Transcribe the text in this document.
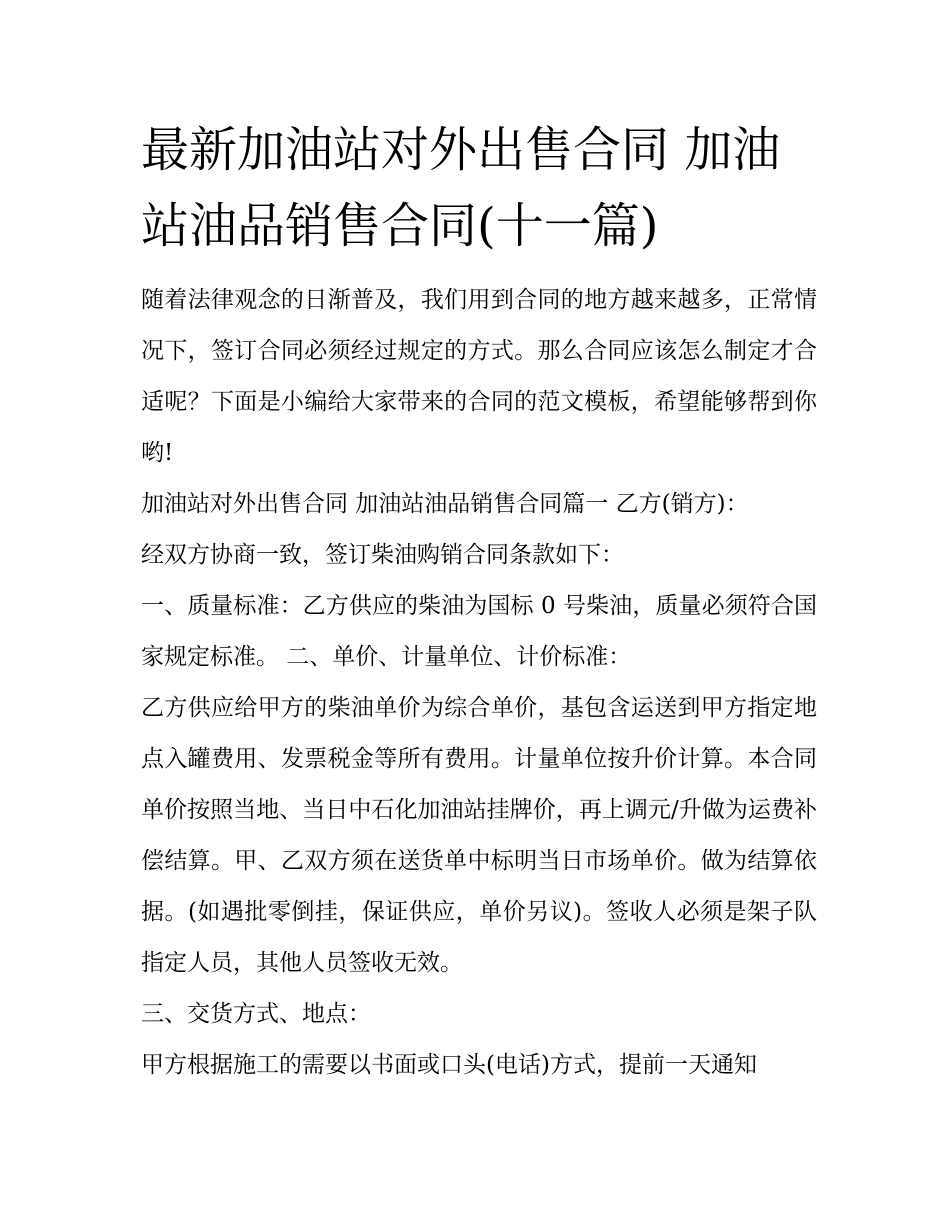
最新加油站对外出售合同 加油站油品销售合同(十一篇)

随着法律观念的日渐普及，我们用到合同的地方越来越多，正常情况下，签订合同必须经过规定的方式。那么合同应该怎么制定才合适呢？下面是小编给大家带来的合同的范文模板，希望能够帮到你哟!

加油站对外出售合同 加油站油品销售合同篇一 乙方(销方)：

经双方协商一致，签订柴油购销合同条款如下：

一、质量标准：乙方供应的柴油为国标 0 号柴油，质量必须符合国家规定标准。 二、单价、计量单位、计价标准：

乙方供应给甲方的柴油单价为综合单价，基包含运送到甲方指定地点入罐费用、发票税金等所有费用。计量单位按升价计算。本合同单价按照当地、当日中石化加油站挂牌价，再上调元/升做为运费补偿结算。甲、乙双方须在送货单中标明当日市场单价。做为结算依据。(如遇批零倒挂，保证供应，单价另议)。签收人必须是架子队指定人员，其他人员签收无效。

三、交货方式、地点：

甲方根据施工的需要以书面或口头(电话)方式，提前一天通知
